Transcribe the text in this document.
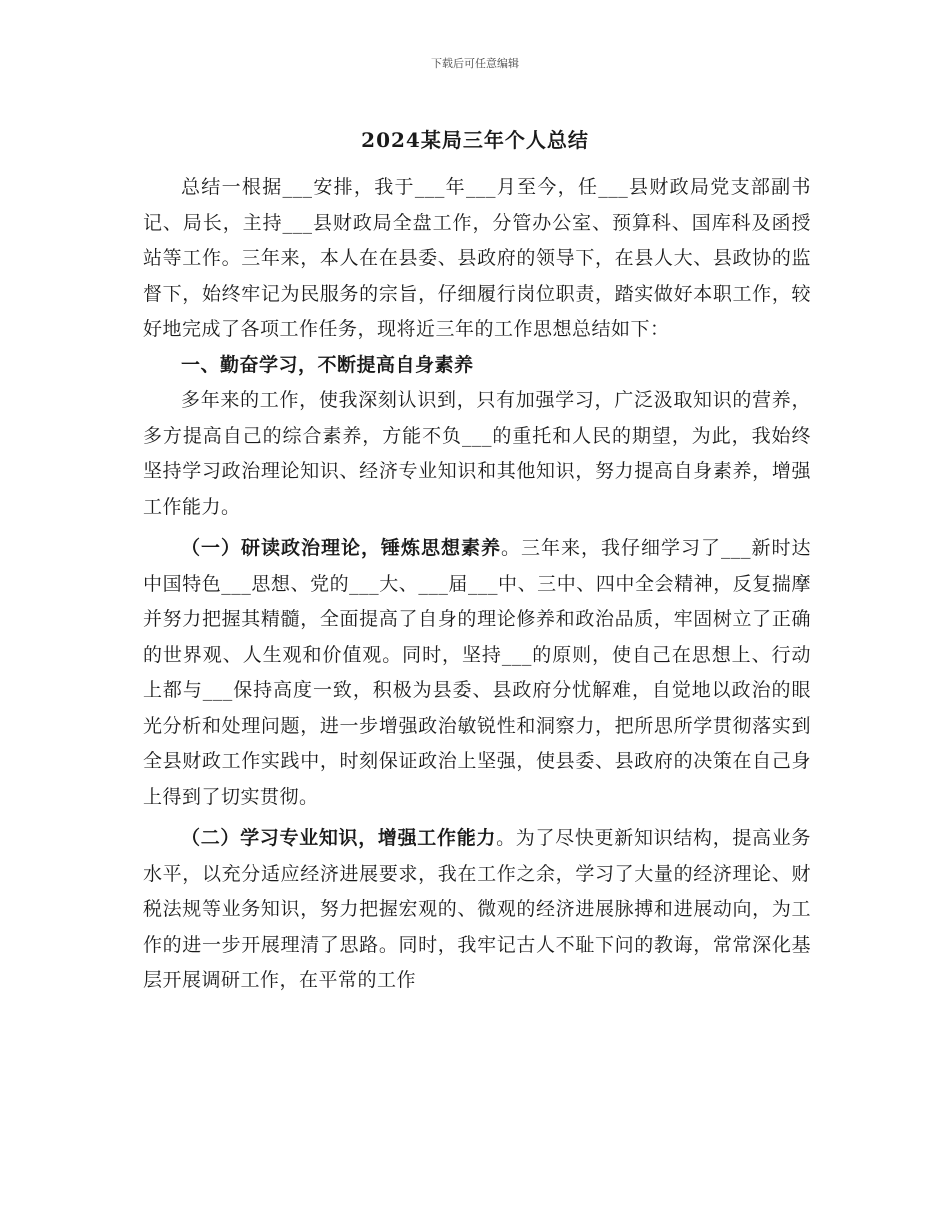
下载后可任意编辑
2024某局三年个人总结

总结一根据___安排，我于___年___月至今，任___县财政局党支部副书记、局长，主持___县财政局全盘工作，分管办公室、预算科、国库科及函授站等工作。三年来，本人在在县委、县政府的领导下，在县人大、县政协的监督下，始终牢记为民服务的宗旨，仔细履行岗位职责，踏实做好本职工作，较好地完成了各项工作任务，现将近三年的工作思想总结如下：

一、勤奋学习，不断提高自身素养

多年来的工作，使我深刻认识到，只有加强学习，广泛汲取知识的营养，多方提高自己的综合素养，方能不负___的重托和人民的期望，为此，我始终坚持学习政治理论知识、经济专业知识和其他知识，努力提高自身素养，增强工作能力。

（一）研读政治理论，锤炼思想素养。三年来，我仔细学习了___新时达中国特色___思想、党的___大、___届___中、三中、四中全会精神，反复揣摩并努力把握其精髓，全面提高了自身的理论修养和政治品质，牢固树立了正确的世界观、人生观和价值观。同时，坚持___的原则，使自己在思想上、行动上都与___保持高度一致，积极为县委、县政府分忧解难，自觉地以政治的眼光分析和处理问题，进一步增强政治敏锐性和洞察力，把所思所学贯彻落实到全县财政工作实践中，时刻保证政治上坚强，使县委、县政府的决策在自己身上得到了切实贯彻。

（二）学习专业知识，增强工作能力。为了尽快更新知识结构，提高业务水平，以充分适应经济进展要求，我在工作之余，学习了大量的经济理论、财税法规等业务知识，努力把握宏观的、微观的经济进展脉搏和进展动向，为工作的进一步开展理清了思路。同时，我牢记古人不耻下问的教诲，常常深化基层开展调研工作，在平常的工作
